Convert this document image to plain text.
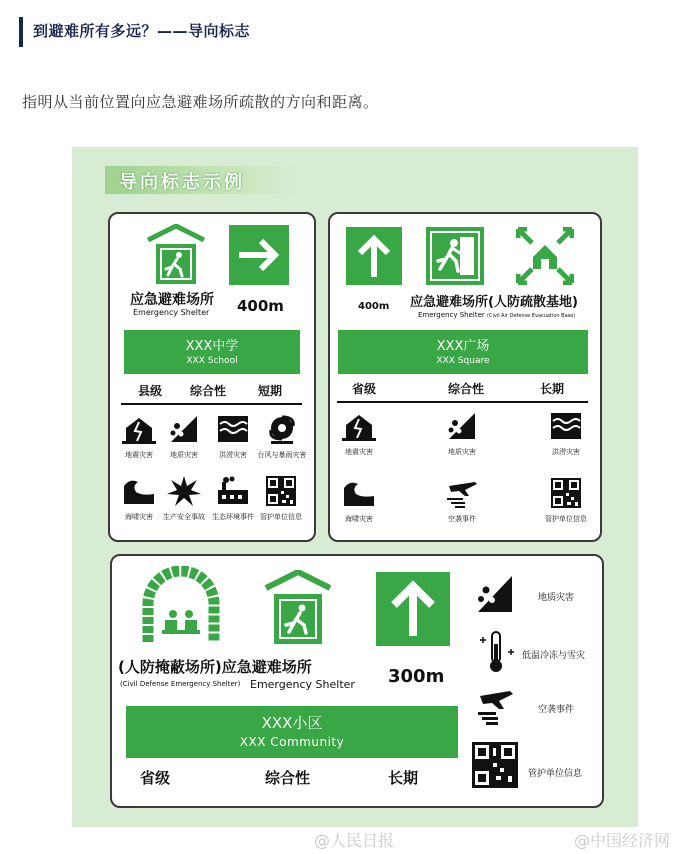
到避难所有多远？——导向标志
指明从当前位置向应急避难场所疏散的方向和距离。
导向标志示例
应急避难场所
Emergency Shelter 400m
XXX中学
XXX School
县级 综合性	短期
地震灾害	地质灾害	洪涝灾害	台风与暴雨灾害
海啸灾害	生产安全事故	生态环境事件 管护单位信息
400m 应急避难场所(人防疏散基地)
Emergency Shelter (Civil Air Defense Evacuation Base)
XXX广场
XXX Square
省级	综合性	长期
地震灾害	地质灾害	洪涝灾害
海啸灾害	空袭事件	管护单位信息
(人防掩蔽场所)应急避难场所
(Civil Defense Emergency Shelter) Emergency Shelter 300m
XXX小区
XXX Community
省级	综合性	长期
地质灾害
低温冷冻与雪灾
空袭事件
管护单位信息
@人民日报	@中国经济网
